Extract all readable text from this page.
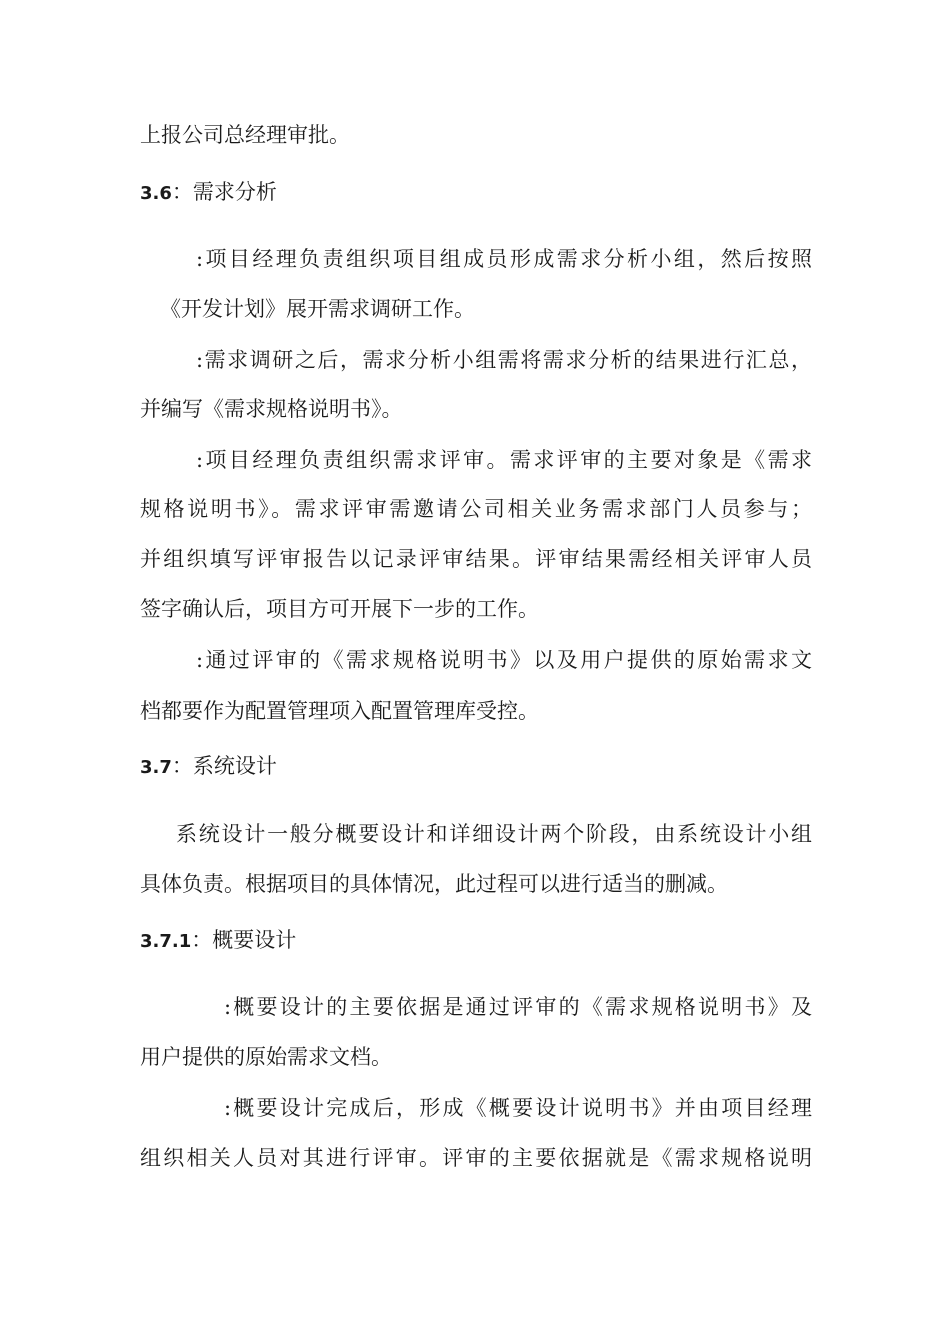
上报公司总经理审批。
3.6：需求分析
:项目经理负责组织项目组成员形成需求分析小组，然后按照
《开发计划》展开需求调研工作。
:需求调研之后，需求分析小组需将需求分析的结果进行汇总，
并编写《需求规格说明书》。
:项目经理负责组织需求评审。需求评审的主要对象是《需求
规格说明书》。需求评审需邀请公司相关业务需求部门人员参与；
并组织填写评审报告以记录评审结果。评审结果需经相关评审人员
签字确认后，项目方可开展下一步的工作。
:通过评审的《需求规格说明书》以及用户提供的原始需求文
档都要作为配置管理项入配置管理库受控。
3.7：系统设计
系统设计一般分概要设计和详细设计两个阶段，由系统设计小组
具体负责。根据项目的具体情况，此过程可以进行适当的删减。
3.7.1：概要设计
:概要设计的主要依据是通过评审的《需求规格说明书》及
用户提供的原始需求文档。
:概要设计完成后，形成《概要设计说明书》并由项目经理
组织相关人员对其进行评审。评审的主要依据就是《需求规格说明
